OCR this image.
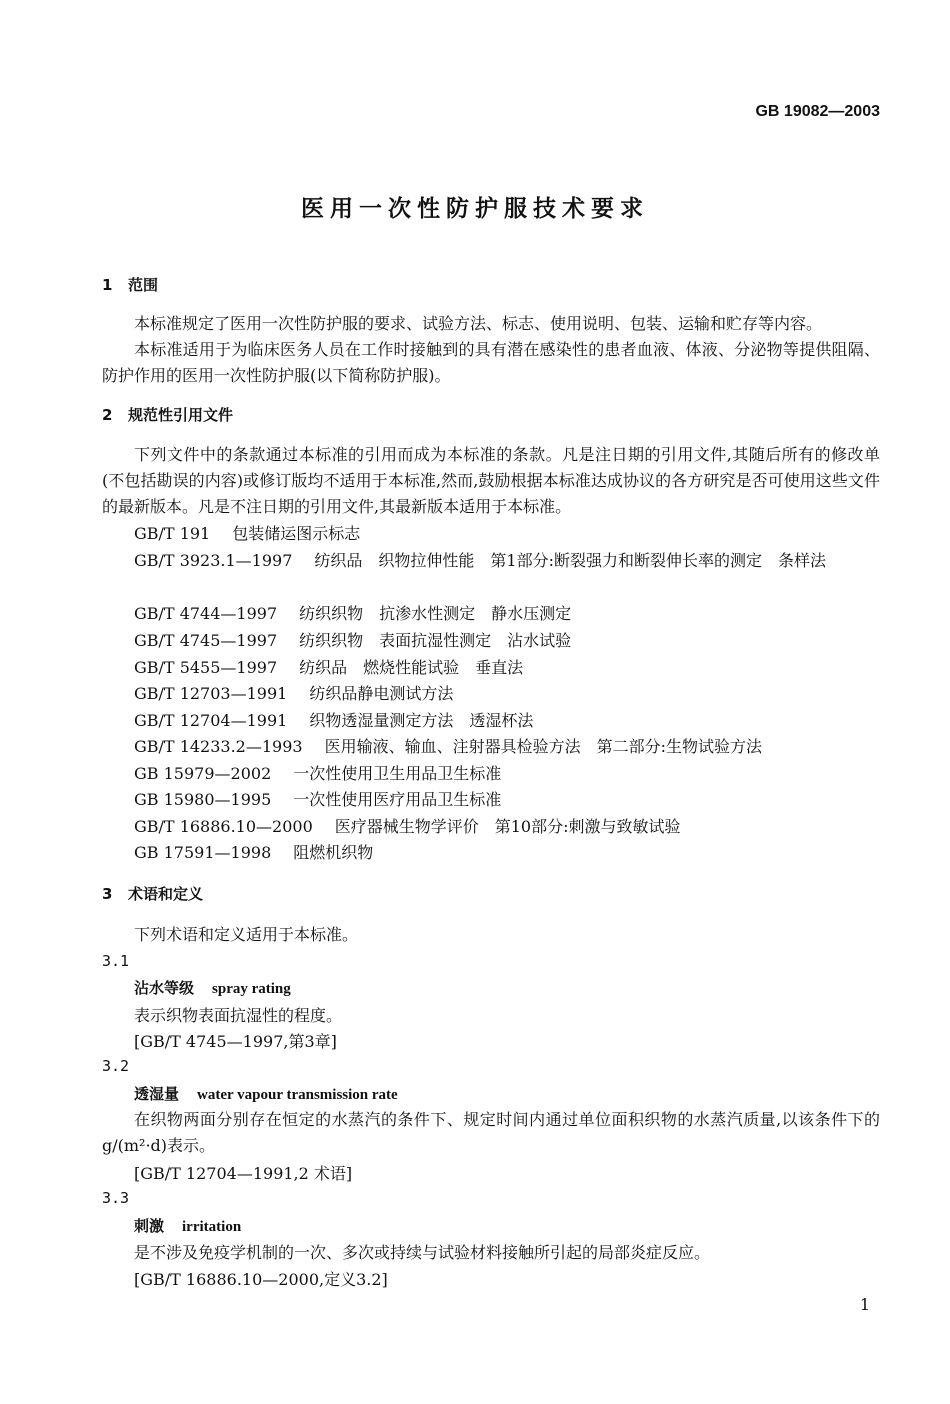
GB 19082—2003
医用一次性防护服技术要求
1 范围

本标准规定了医用一次性防护服的要求、试验方法、标志、使用说明、包装、运输和贮存等内容。

本标准适用于为临床医务人员在工作时接触到的具有潜在感染性的患者血液、体液、分泌物等提供阻隔、防护作用的医用一次性防护服(以下简称防护服)。

2 规范性引用文件

下列文件中的条款通过本标准的引用而成为本标准的条款。凡是注日期的引用文件,其随后所有的修改单(不包括勘误的内容)或修订版均不适用于本标准,然而,鼓励根据本标准达成协议的各方研究是否可使用这些文件的最新版本。凡是不注日期的引用文件,其最新版本适用于本标准。

GB/T 191 包装储运图示标志
GB/T 3923.1—1997 纺织品　织物拉伸性能　第1部分:断裂强力和断裂伸长率的测定　条样法
GB/T 4744—1997 纺织织物　抗渗水性测定　静水压测定
GB/T 4745—1997 纺织织物　表面抗湿性测定　沾水试验
GB/T 5455—1997 纺织品　燃烧性能试验　垂直法
GB/T 12703—1991 纺织品静电测试方法
GB/T 12704—1991 织物透湿量测定方法　透湿杯法
GB/T 14233.2—1993 医用输液、输血、注射器具检验方法　第二部分:生物试验方法
GB 15979—2002 一次性使用卫生用品卫生标准
GB 15980—1995 一次性使用医疗用品卫生标准
GB/T 16886.10—2000 医疗器械生物学评价　第10部分:刺激与致敏试验
GB 17591—1998 阻燃机织物
3 术语和定义
下列术语和定义适用于本标准。
3.1
沾水等级 spray rating
表示织物表面抗湿性的程度。
[GB/T 4745—1997,第3章]
3.2
透湿量 water vapour transmission rate
在织物两面分别存在恒定的水蒸汽的条件下、规定时间内通过单位面积织物的水蒸汽质量,以该条件下的g/(m²·d)表示。
[GB/T 12704—1991,2 术语]
3.3
刺激 irritation
是不涉及免疫学机制的一次、多次或持续与试验材料接触所引起的局部炎症反应。
[GB/T 16886.10—2000,定义3.2]
1
